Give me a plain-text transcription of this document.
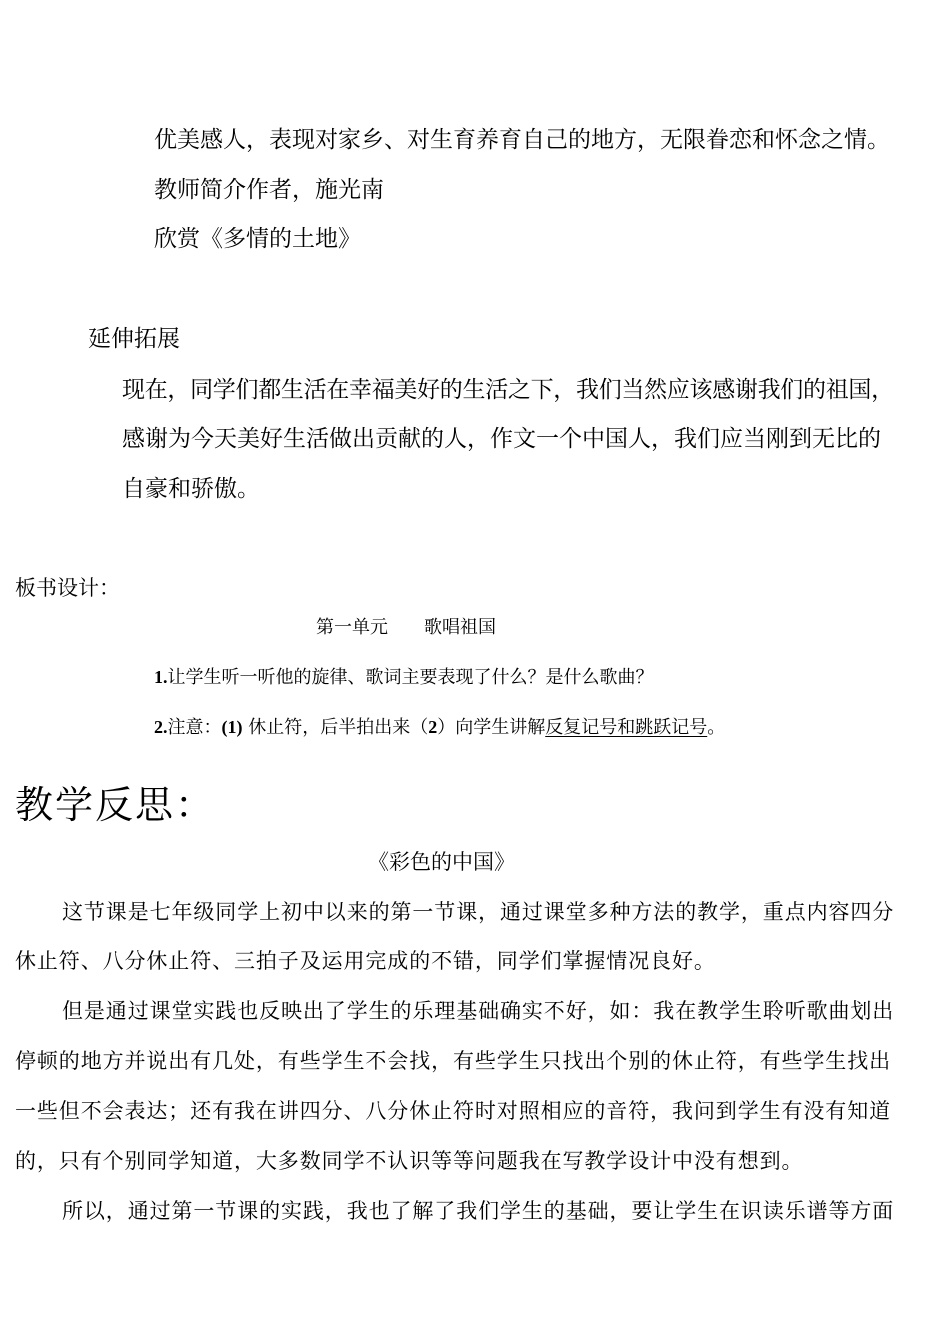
优美感人，表现对家乡、对生育养育自己的地方，无限眷恋和怀念之情。

教师简介作者，施光南

欣赏《多情的土地》

延伸拓展

现在，同学们都生活在幸福美好的生活之下，我们当然应该感谢我们的祖国，

感谢为今天美好生活做出贡献的人，作文一个中国人，我们应当刚到无比的

自豪和骄傲。

板书设计：

第一单元　　歌唱祖国

1.让学生听一听他的旋律、歌词主要表现了什么？是什么歌曲？

2.注意：(1) 休止符，后半拍出来（2）向学生讲解反复记号和跳跃记号。

教学反思：

《彩色的中国》

这节课是七年级同学上初中以来的第一节课，通过课堂多种方法的教学，重点内容四分

休止符、八分休止符、三拍子及运用完成的不错，同学们掌握情况良好。

但是通过课堂实践也反映出了学生的乐理基础确实不好，如：我在教学生聆听歌曲划出

停顿的地方并说出有几处，有些学生不会找，有些学生只找出个别的休止符，有些学生找出

一些但不会表达；还有我在讲四分、八分休止符时对照相应的音符，我问到学生有没有知道

的，只有个别同学知道，大多数同学不认识等等问题我在写教学设计中没有想到。

所以，通过第一节课的实践，我也了解了我们学生的基础，要让学生在识读乐谱等方面
